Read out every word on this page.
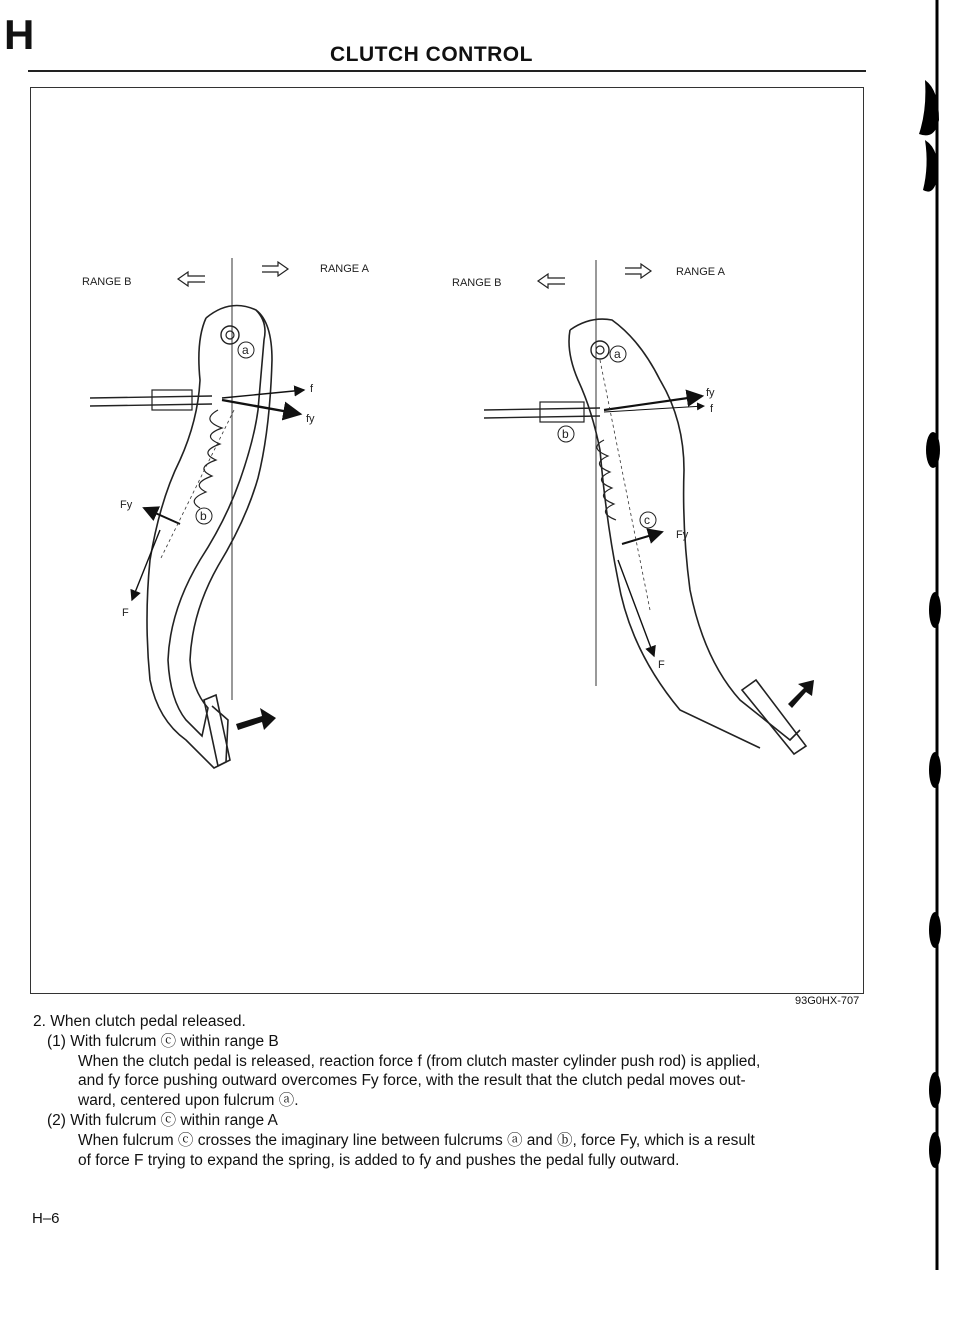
H	CLUTCH CONTROL
RANGE B
RANGE A
a
b
f
fy
Fy
F
RANGE B
RANGE A
a
b
c
fy
f
Fy
F
93G0HX-707

2. When clutch pedal released.

(1) With fulcrum ⓒ within range B

When the clutch pedal is released, reaction force f (from clutch master cylinder push rod) is applied,

and fy force pushing outward overcomes Fy force, with the result that the clutch pedal moves out-

ward, centered upon fulcrum ⓐ.

(2) With fulcrum ⓒ within range A

When fulcrum ⓒ crosses the imaginary line between fulcrums ⓐ and ⓑ, force Fy, which is a result

of force F trying to expand the spring, is added to fy and pushes the pedal fully outward.

H–6
